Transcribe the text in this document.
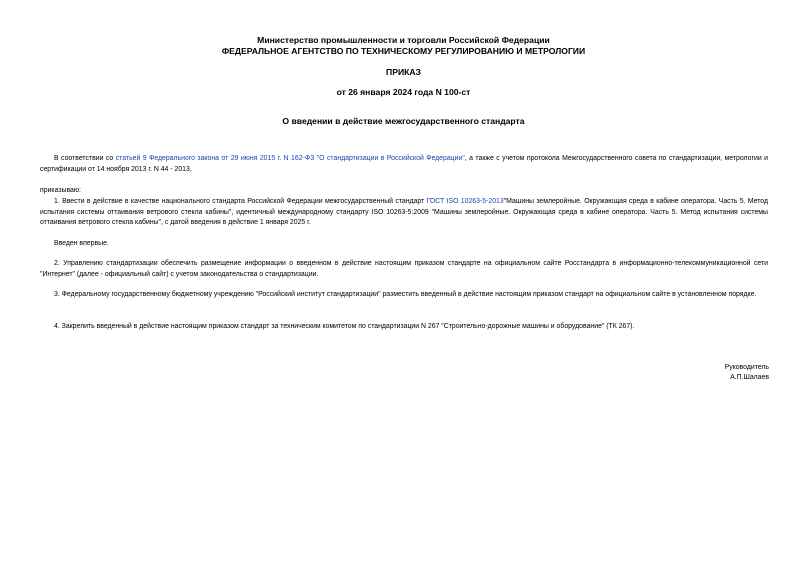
Министерство промышленности и торговли Российской Федерации
ФЕДЕРАЛЬНОЕ АГЕНТСТВО ПО ТЕХНИЧЕСКОМУ РЕГУЛИРОВАНИЮ И МЕТРОЛОГИИ
ПРИКАЗ
от 26 января 2024 года N 100-ст
О введении в действие межгосударственного стандарта
В соответствии со статьей 9 Федерального закона от 29 июня 2015 г. N 162-ФЗ "О стандартизации в Российской Федерации", а также с учетом протокола Межгосударственного совета по стандартизации, метрологии и сертификации от 14 ноября 2013 г. N 44 - 2013,
приказываю:
1. Ввести в действие в качестве национального стандарта Российской Федерации межгосударственный стандарт ГОСТ ISO 10263-5-2013"Машины землеройные. Окружающая среда в кабине оператора. Часть 5. Метод испытания системы оттаивания ветрового стекла кабины", идентичный международному стандарту ISO 10263-5:2009 "Машины землеройные. Окружающая среда в кабине оператора. Часть 5. Метод испытания системы оттаивания ветрового стекла кабины", с датой введения в действие 1 января 2025 г.
Введен впервые.
2. Управлению стандартизации обеспечить размещение информации о введенном в действие настоящим приказом стандарте на официальном сайте Росстандарта в информационно-телекоммуникационной сети "Интернет" (далее - официальный сайт) с учетом законодательства о стандартизации.
3. Федеральному государственному бюджетному учреждению "Российский институт стандартизации" разместить введенный в действие настоящим приказом стандарт на официальном сайте в установленном порядке.
4. Закрепить введенный в действие настоящим приказом стандарт за техническим комитетом по стандартизации N 267 "Строительно-дорожные машины и оборудование" (ТК 267).
Руководитель
А.П.Шалаев
